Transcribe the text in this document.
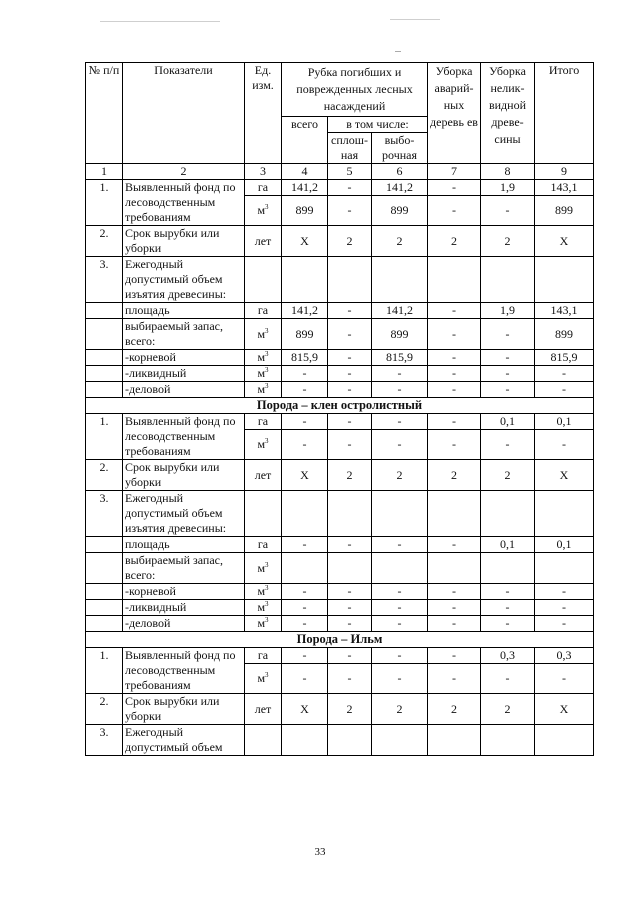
№ п/п	Показатели	Ед. изм.	Рубка погибших и поврежденных лесных насаждений			Уборка аварий-ных деревь ев	Уборка нелик-видной древе-сины	Итого
			всего	в том числе:				
				сплош-ная	выбо-рочная			
1	2	3	4	5	6	7	8	9
1.	Выявленный фонд по лесоводственным требованиям	га	141,2	-	141,2	-	1,9	143,1
		$м^3$	899	-	899	-	-	899
2.	Срок вырубки или уборки	лет	Х	2	2	2	2	Х
3.	Ежегодный допустимый объем изъятия древесины:							
	площадь	га	141,2	-	141,2	-	1,9	143,1
	выбираемый запас, всего:	$м^3$	899	-	899	-	-	899
	-корневой	$м^3$	815,9	-	815,9	-	-	815,9
	-ликвидный	$м^3$	-	-	-	-	-	-
	-деловой	$м^3$	-	-	-	-	-	-
Порода – клен остролистный								
1.	Выявленный фонд по лесоводственным требованиям	га	-	-	-	-	0,1	0,1
		$м^3$	-	-	-	-	-	-
2.	Срок вырубки или уборки	лет	Х	2	2	2	2	Х
3.	Ежегодный допустимый объем изъятия древесины:							
	площадь	га	-	-	-	-	0,1	0,1
	выбираемый запас, всего:	$м^3$						
	-корневой	$м^3$	-	-	-	-	-	-
	-ликвидный	$м^3$	-	-	-	-	-	-
	-деловой	$м^3$	-	-	-	-	-	-
Порода – Ильм								
1.	Выявленный фонд по лесоводственным требованиям	га	-	-	-	-	0,3	0,3
		$м^3$	-	-	-	-	-	-
2.	Срок вырубки или уборки	лет	Х	2	2	2	2	Х
3.	Ежегодный допустимый объем							
33
